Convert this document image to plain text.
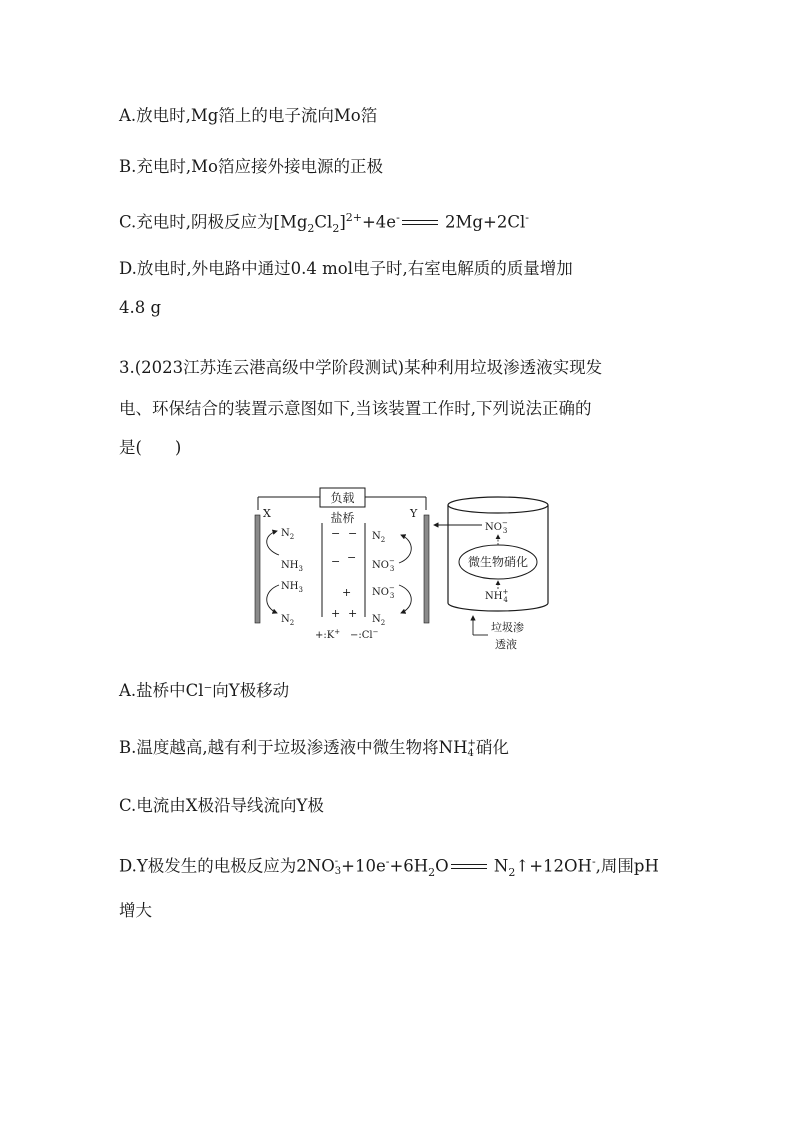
A.放电时,Mg箔上的电子流向Mo箔
B.充电时,Mo箔应接外接电源的正极
C.充电时,阴极反应为$[Mg_2Cl_2]^{2+}+4e^-$ 2Mg+2Cl-
D.放电时,外电路中通过0.4 mol电子时,右室电解质的质量增加
4.8 g
3.(2023江苏连云港高级中学阶段测试)某种利用垃圾渗透液实现发
电、环保结合的装置示意图如下,当该装置工作时,下列说法正确的
是(　　)
负载
盐桥
X	Y
$N_2$
$NH_3$
$NH_3$
$N_2$
$N_2$
NO− 3
NO− 3
$N_2$
− −
− −
+
+ +
+:K+ −:Cl−
微生物硝化
NO− 3
NH+ 4
垃圾渗
透液
A.盐桥中Cl⁻向Y极移动
B.温度越高,越有利于垃圾渗透液中微生物将NH +
4 硝化
C.电流由X极沿导线流向Y极
D.Y极发生的电极反应为2NO -
$3 +10e^-+6H_2O$ $N_2↑+12OH^-$,周围pH
增大
